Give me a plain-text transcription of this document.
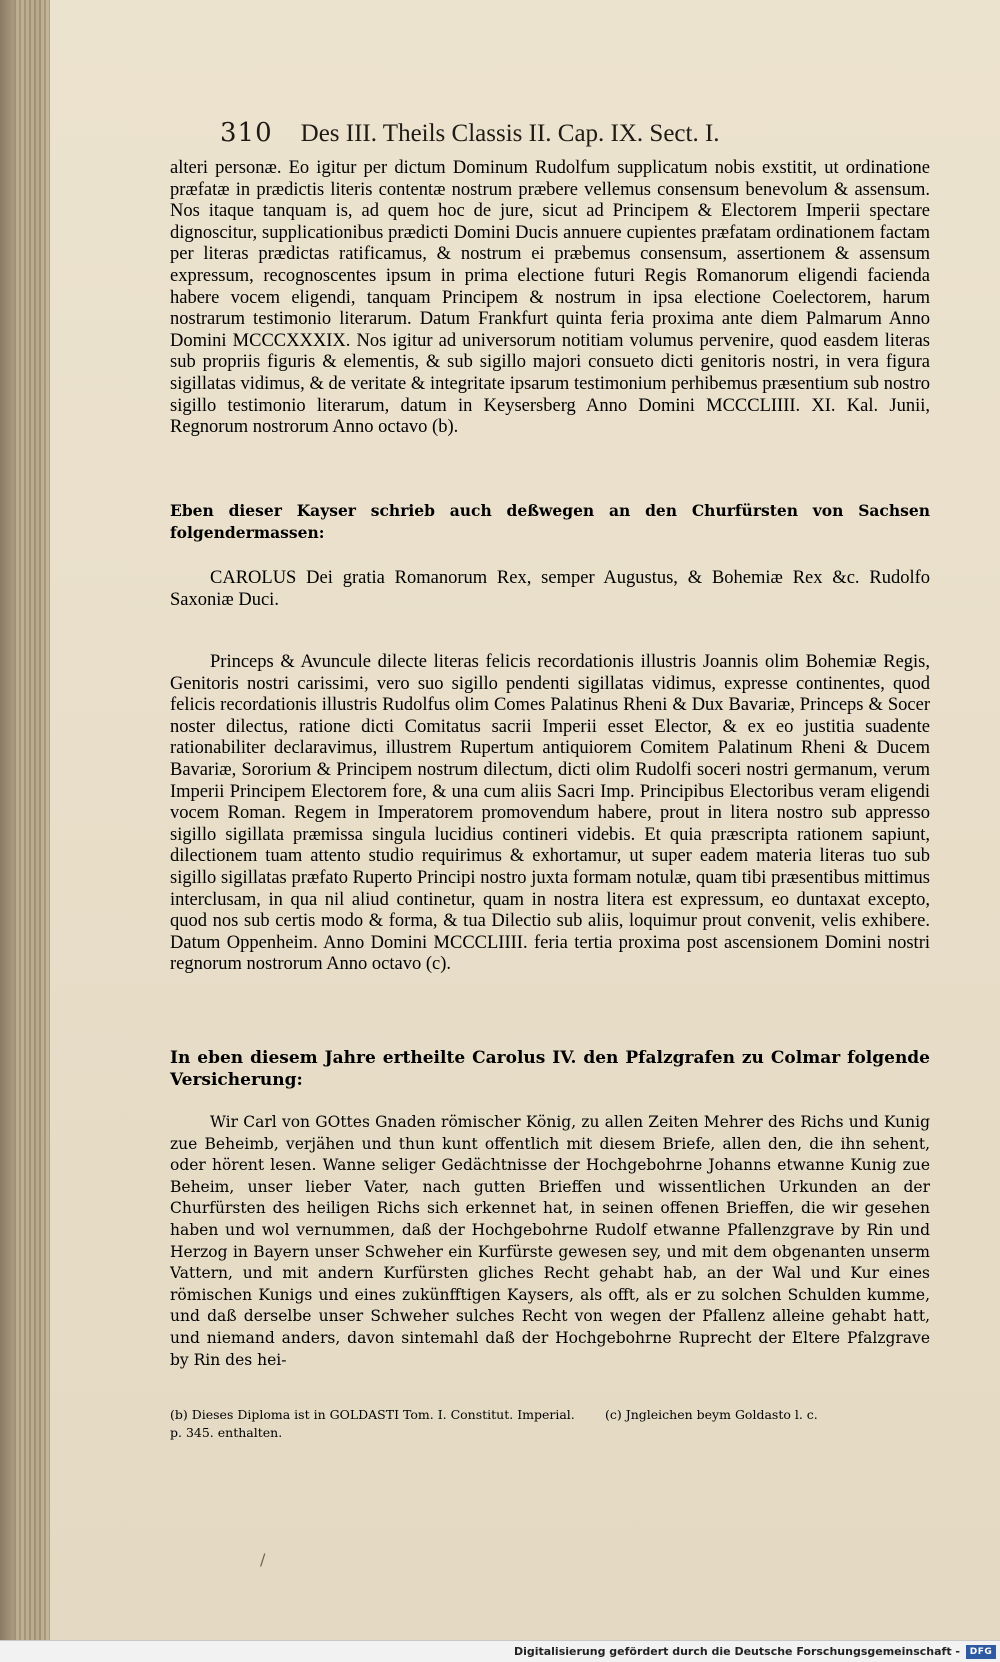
310 Des III. Theils Classis II. Cap. IX. Sect. I.
alteri personæ. Eo igitur per dictum Dominum Rudolfum supplicatum nobis exstitit, ut ordinatione præfatæ in prædictis literis contentæ nostrum præbere vellemus consensum benevolum & assensum. Nos itaque tanquam is, ad quem hoc de jure, sicut ad Principem & Electorem Imperii spectare dignoscitur, supplicationibus prædicti Domini Ducis annuere cupientes præfatam ordinationem factam per literas prædictas ratificamus, & nostrum ei præbemus consensum, assertionem & assensum expressum, recognoscentes ipsum in prima electione futuri Regis Romanorum eligendi facienda habere vocem eligendi, tanquam Principem & nostrum in ipsa electione Coelectorem, harum nostrarum testimonio literarum. Datum Frankfurt quinta feria proxima ante diem Palmarum Anno Domini MCCCXXXIX. Nos igitur ad universorum notitiam volumus pervenire, quod easdem literas sub propriis figuris & elementis, & sub sigillo majori consueto dicti genitoris nostri, in vera figura sigillatas vidimus, & de veritate & integritate ipsarum testimonium perhibemus præsentium sub nostro sigillo testimonio literarum, datum in Keysersberg Anno Domini MCCCLIIII. XI. Kal. Junii, Regnorum nostrorum Anno octavo (b).
Eben dieser Kayser schrieb auch deßwegen an den Churfürsten von Sachsen folgendermassen:
CAROLUS Dei gratia Romanorum Rex, semper Augustus, & Bohemiæ Rex &c. Rudolfo Saxoniæ Duci.
Princeps & Avuncule dilecte literas felicis recordationis illustris Joannis olim Bohemiæ Regis, Genitoris nostri carissimi, vero suo sigillo pendenti sigillatas vidimus, expresse continentes, quod felicis recordationis illustris Rudolfus olim Comes Palatinus Rheni & Dux Bavariæ, Princeps & Socer noster dilectus, ratione dicti Comitatus sacrii Imperii esset Elector, & ex eo justitia suadente rationabiliter declaravimus, illustrem Rupertum antiquiorem Comitem Palatinum Rheni & Ducem Bavariæ, Sororium & Principem nostrum dilectum, dicti olim Rudolfi soceri nostri germanum, verum Imperii Principem Electorem fore, & una cum aliis Sacri Imp. Principibus Electoribus veram eligendi vocem Roman. Regem in Imperatorem promovendum habere, prout in litera nostro sub appresso sigillo sigillata præmissa singula lucidius contineri videbis. Et quia præscripta rationem sapiunt, dilectionem tuam attento studio requirimus & exhortamur, ut super eadem materia literas tuo sub sigillo sigillatas præfato Ruperto Principi nostro juxta formam notulæ, quam tibi præsentibus mittimus interclusam, in qua nil aliud continetur, quam in nostra litera est expressum, eo duntaxat excepto, quod nos sub certis modo & forma, & tua Dilectio sub aliis, loquimur prout convenit, velis exhibere. Datum Oppenheim. Anno Domini MCCCLIIII. feria tertia proxima post ascensionem Domini nostri regnorum nostrorum Anno octavo (c).
In eben diesem Jahre ertheilte Carolus IV. den Pfalzgrafen zu Colmar folgende Versicherung:
Wir Carl von GOttes Gnaden römischer König, zu allen Zeiten Mehrer des Richs und Kunig zue Beheimb, verjähen und thun kunt offentlich mit diesem Briefe, allen den, die ihn sehent, oder hörent lesen. Wanne seliger Gedächtnisse der Hochgebohrne Johanns etwanne Kunig zue Beheim, unser lieber Vater, nach gutten Brieffen und wissentlichen Urkunden an der Churfürsten des heiligen Richs sich erkennet hat, in seinen offenen Brieffen, die wir gesehen haben und wol vernummen, daß der Hochgebohrne Rudolf etwanne Pfallenzgrave by Rin und Herzog in Bayern unser Schweher ein Kurfürste gewesen sey, und mit dem obgenanten unserm Vattern, und mit andern Kurfürsten gliches Recht gehabt hab, an der Wal und Kur eines römischen Kunigs und eines zukünfftigen Kaysers, als offt, als er zu solchen Schulden kumme, und daß derselbe unser Schweher sulches Recht von wegen der Pfallenz alleine gehabt hatt, und niemand anders, davon sintemahl daß der Hochgebohrne Ruprecht der Eltere Pfalzgrave by Rin des hei-
(b) Dieses Diploma ist in GOLDASTI Tom. I. Constitut. Imperial. p. 345. enthalten.
(c) Jngleichen beym Goldasto l. c.
/
Digitalisierung gefördert durch die Deutsche Forschungsgemeinschaft -	DFG
